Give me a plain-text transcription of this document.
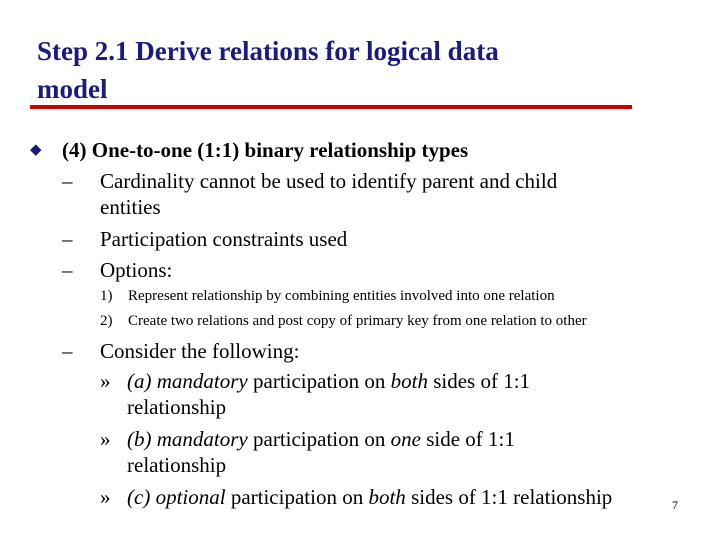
Step 2.1 Derive relations for logical data
model
◆ (4) One-to-one (1:1) binary relationship types
– Cardinality cannot be used to identify parent and child
entities
– Participation constraints used
– Options:
1) Represent relationship by combining entities involved into one relation
2) Create two relations and post copy of primary key from one relation to other
– Consider the following:
» (a) mandatory participation on both sides of 1:1
relationship
» (b) mandatory participation on one side of 1:1
relationship
» (c) optional participation on both sides of 1:1 relationship	7
